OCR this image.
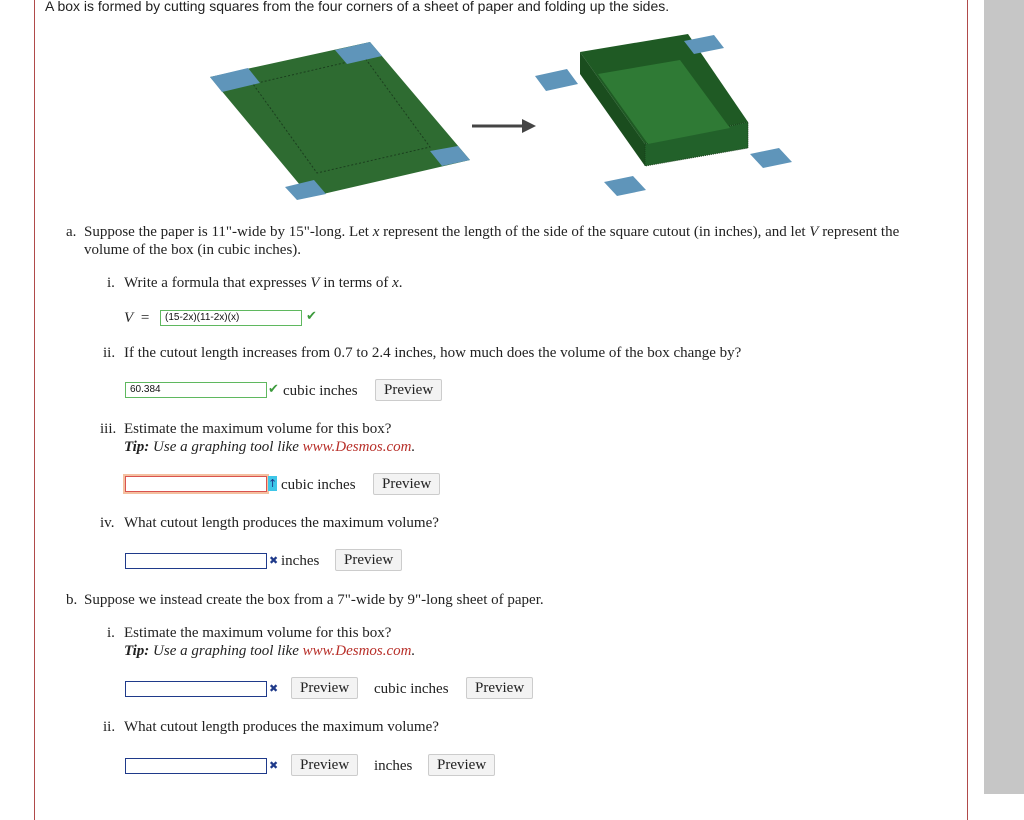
A box is formed by cutting squares from the four corners of a sheet of paper and folding up the sides.
a. Suppose the paper is 11"-wide by 15"-long. Let x represent the length of the side of the square cutout (in inches), and let V represent the
volume of the box (in cubic inches).
i. Write a formula that expresses V in terms of x.
V =	(15-2x)(11-2x)(x)	✔
ii. If the cutout length increases from 0.7 to 2.4 inches, how much does the volume of the box change by?
60.384	✔ cubic inches	Preview
iii. Estimate the maximum volume for this box?
Tip: Use a graphing tool like www.Desmos.com.
↑ cubic inches	Preview
iv. What cutout length produces the maximum volume?
✖ inches	Preview
b. Suppose we instead create the box from a 7"-wide by 9"-long sheet of paper.
i. Estimate the maximum volume for this box?
Tip: Use a graphing tool like www.Desmos.com.
✖	Preview	cubic inches	Preview
ii. What cutout length produces the maximum volume?
✖	Preview	inches	Preview
